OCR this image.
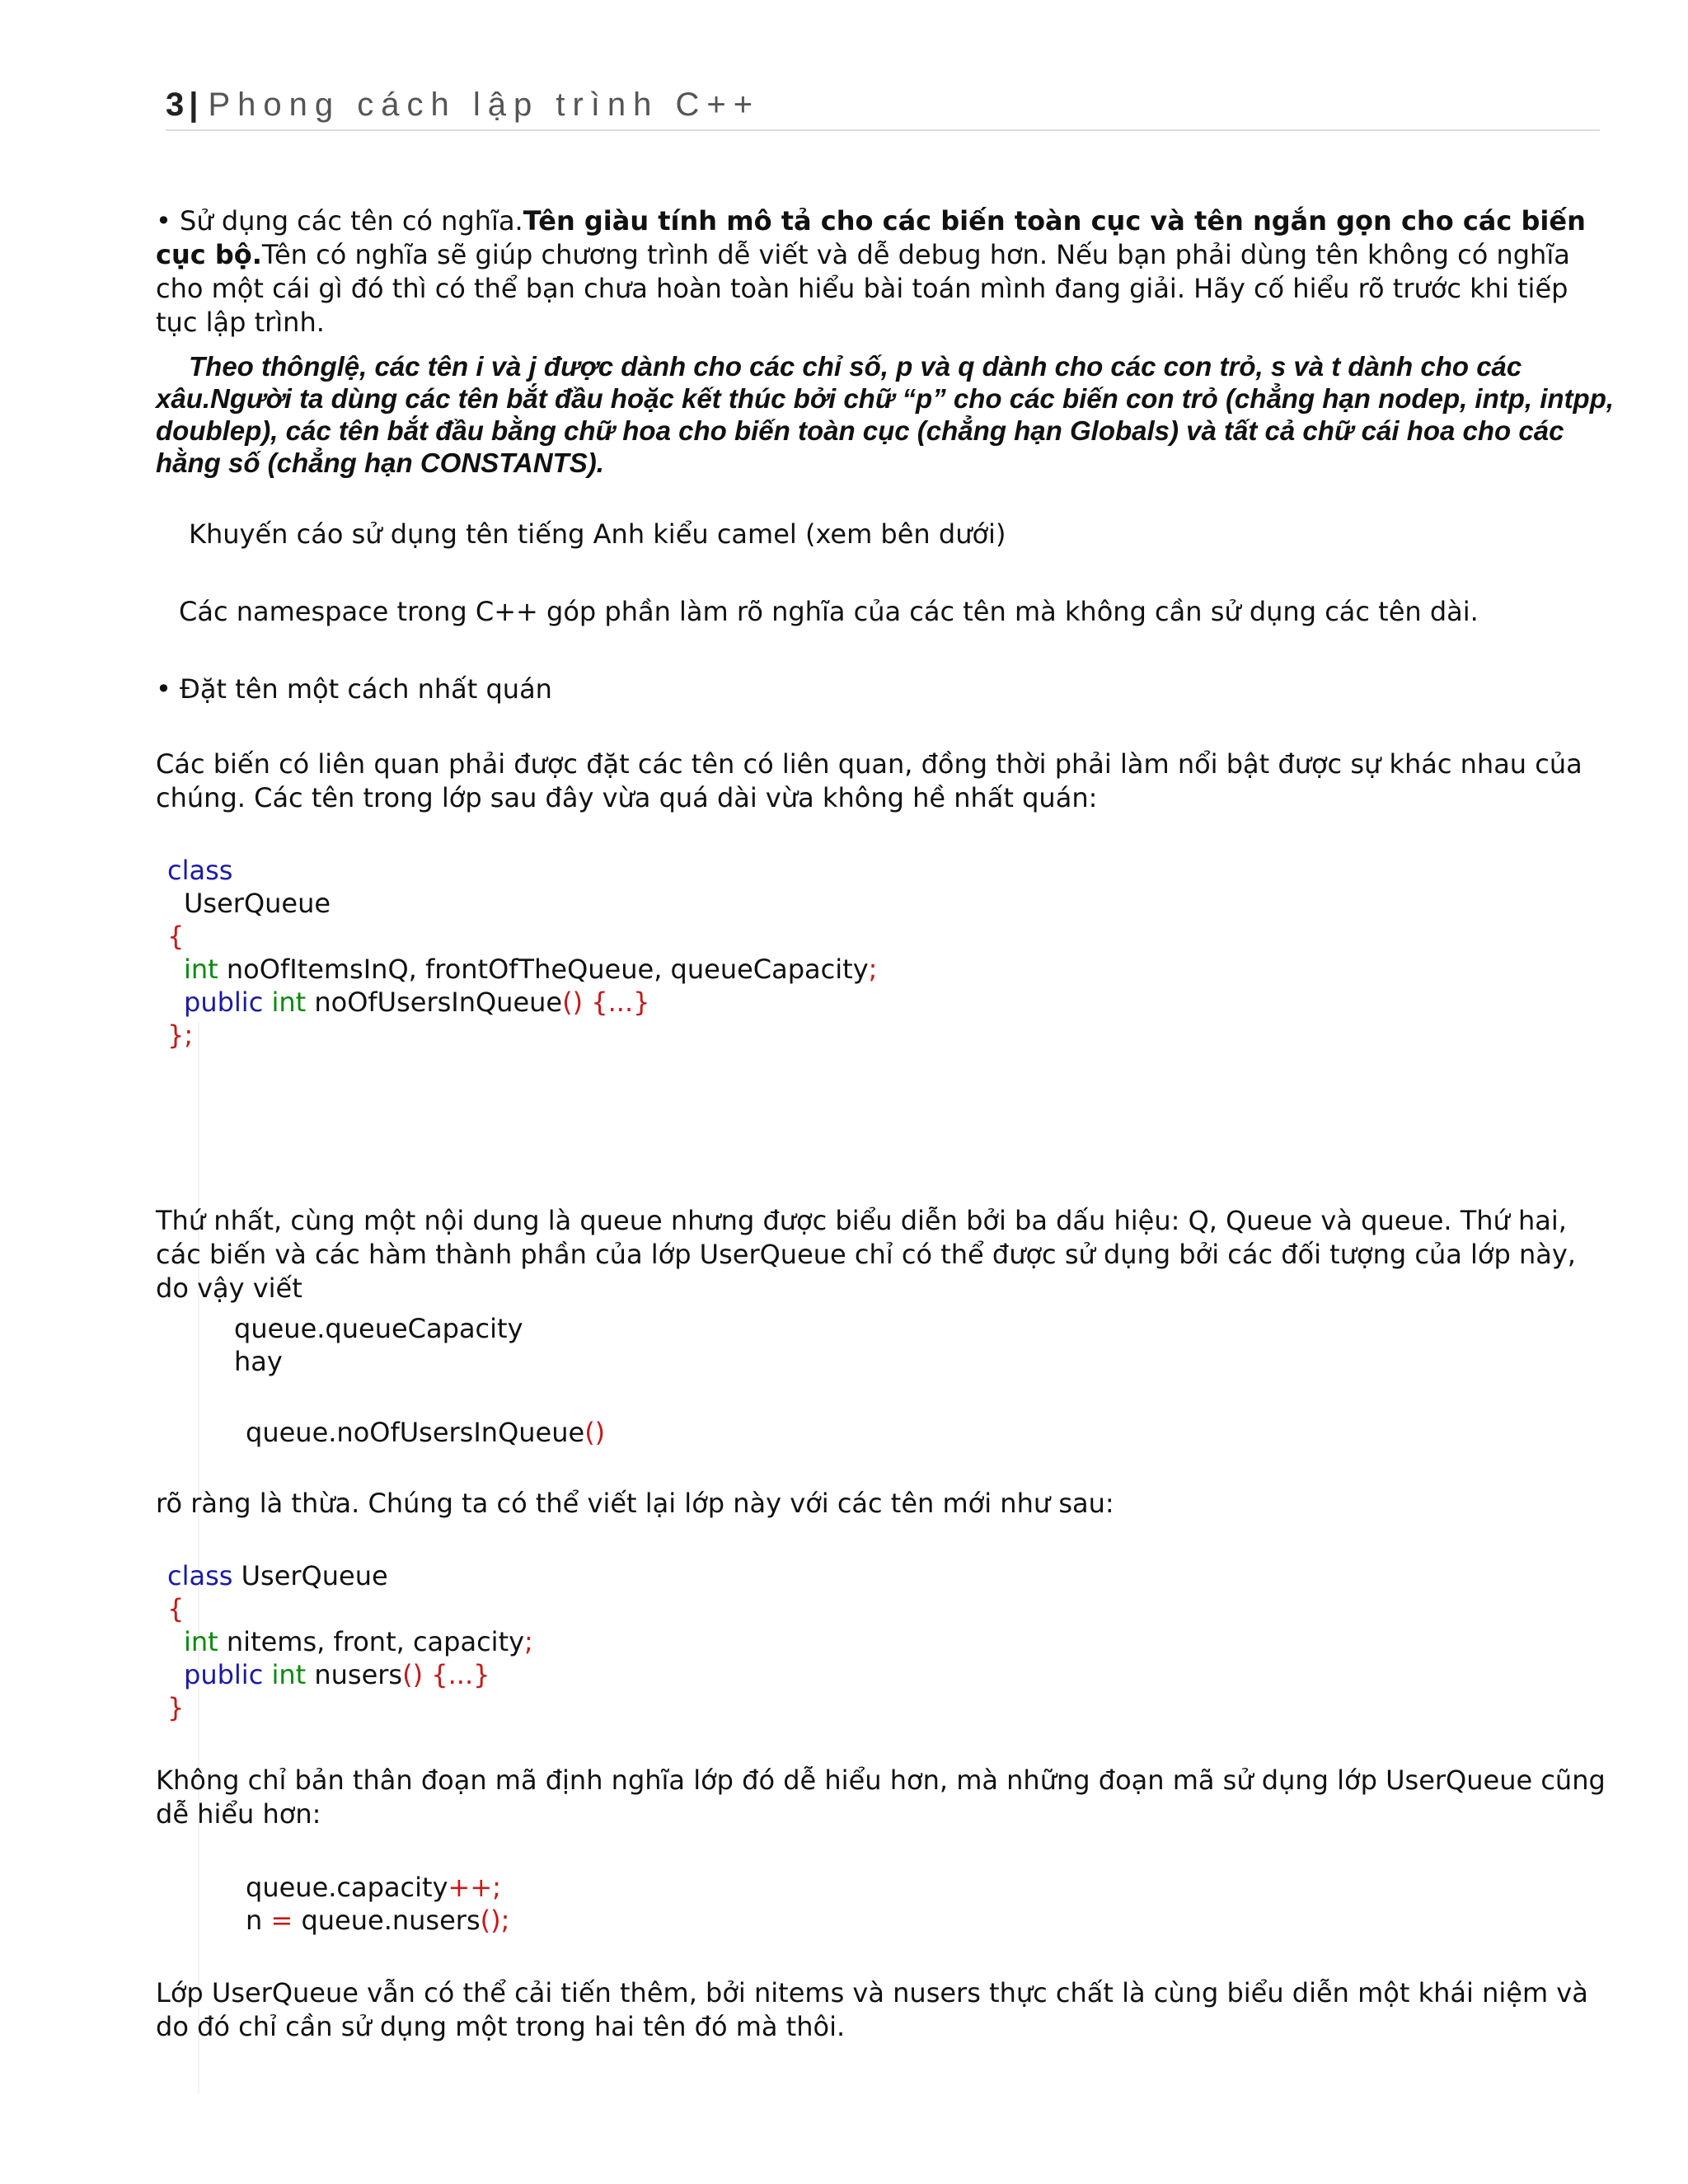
3 | Phong cách lập trình C++
• Sử dụng các tên có nghĩa.Tên giàu tính mô tả cho các biến toàn cục và tên ngắn gọn cho các biến cục bộ.Tên có nghĩa sẽ giúp chương trình dễ viết và dễ debug hơn. Nếu bạn phải dùng tên không có nghĩa cho một cái gì đó thì có thể bạn chưa hoàn toàn hiểu bài toán mình đang giải. Hãy cố hiểu rõ trước khi tiếp tục lập trình.
Theo thônglệ, các tên i và j được dành cho các chỉ số, p và q dành cho các con trỏ, s và t dành cho các xâu.Người ta dùng các tên bắt đầu hoặc kết thúc bởi chữ “p” cho các biến con trỏ (chẳng hạn nodep, intp, intpp, doublep), các tên bắt đầu bằng chữ hoa cho biến toàn cục (chẳng hạn Globals) và tất cả chữ cái hoa cho các hằng số (chẳng hạn CONSTANTS).
Khuyến cáo sử dụng tên tiếng Anh kiểu camel (xem bên dưới)
Các namespace trong C++ góp phần làm rõ nghĩa của các tên mà không cần sử dụng các tên dài.
• Đặt tên một cách nhất quán
Các biến có liên quan phải được đặt các tên có liên quan, đồng thời phải làm nổi bật được sự khác nhau của chúng. Các tên trong lớp sau đây vừa quá dài vừa không hề nhất quán:
class
UserQueue
{
int noOfItemsInQ, frontOfTheQueue, queueCapacity;
public int noOfUsersInQueue() {...}
};
Thứ nhất, cùng một nội dung là queue nhưng được biểu diễn bởi ba dấu hiệu: Q, Queue và queue. Thứ hai, các biến và các hàm thành phần của lớp UserQueue chỉ có thể được sử dụng bởi các đối tượng của lớp này, do vậy viết
queue.queueCapacity
hay
queue.noOfUsersInQueue()
rõ ràng là thừa. Chúng ta có thể viết lại lớp này với các tên mới như sau:
class UserQueue
{
int nitems, front, capacity;
public int nusers() {...}
}
Không chỉ bản thân đoạn mã định nghĩa lớp đó dễ hiểu hơn, mà những đoạn mã sử dụng lớp UserQueue cũng dễ hiểu hơn:
queue.capacity++;
n = queue.nusers();
Lớp UserQueue vẫn có thể cải tiến thêm, bởi nitems và nusers thực chất là cùng biểu diễn một khái niệm và do đó chỉ cần sử dụng một trong hai tên đó mà thôi.
